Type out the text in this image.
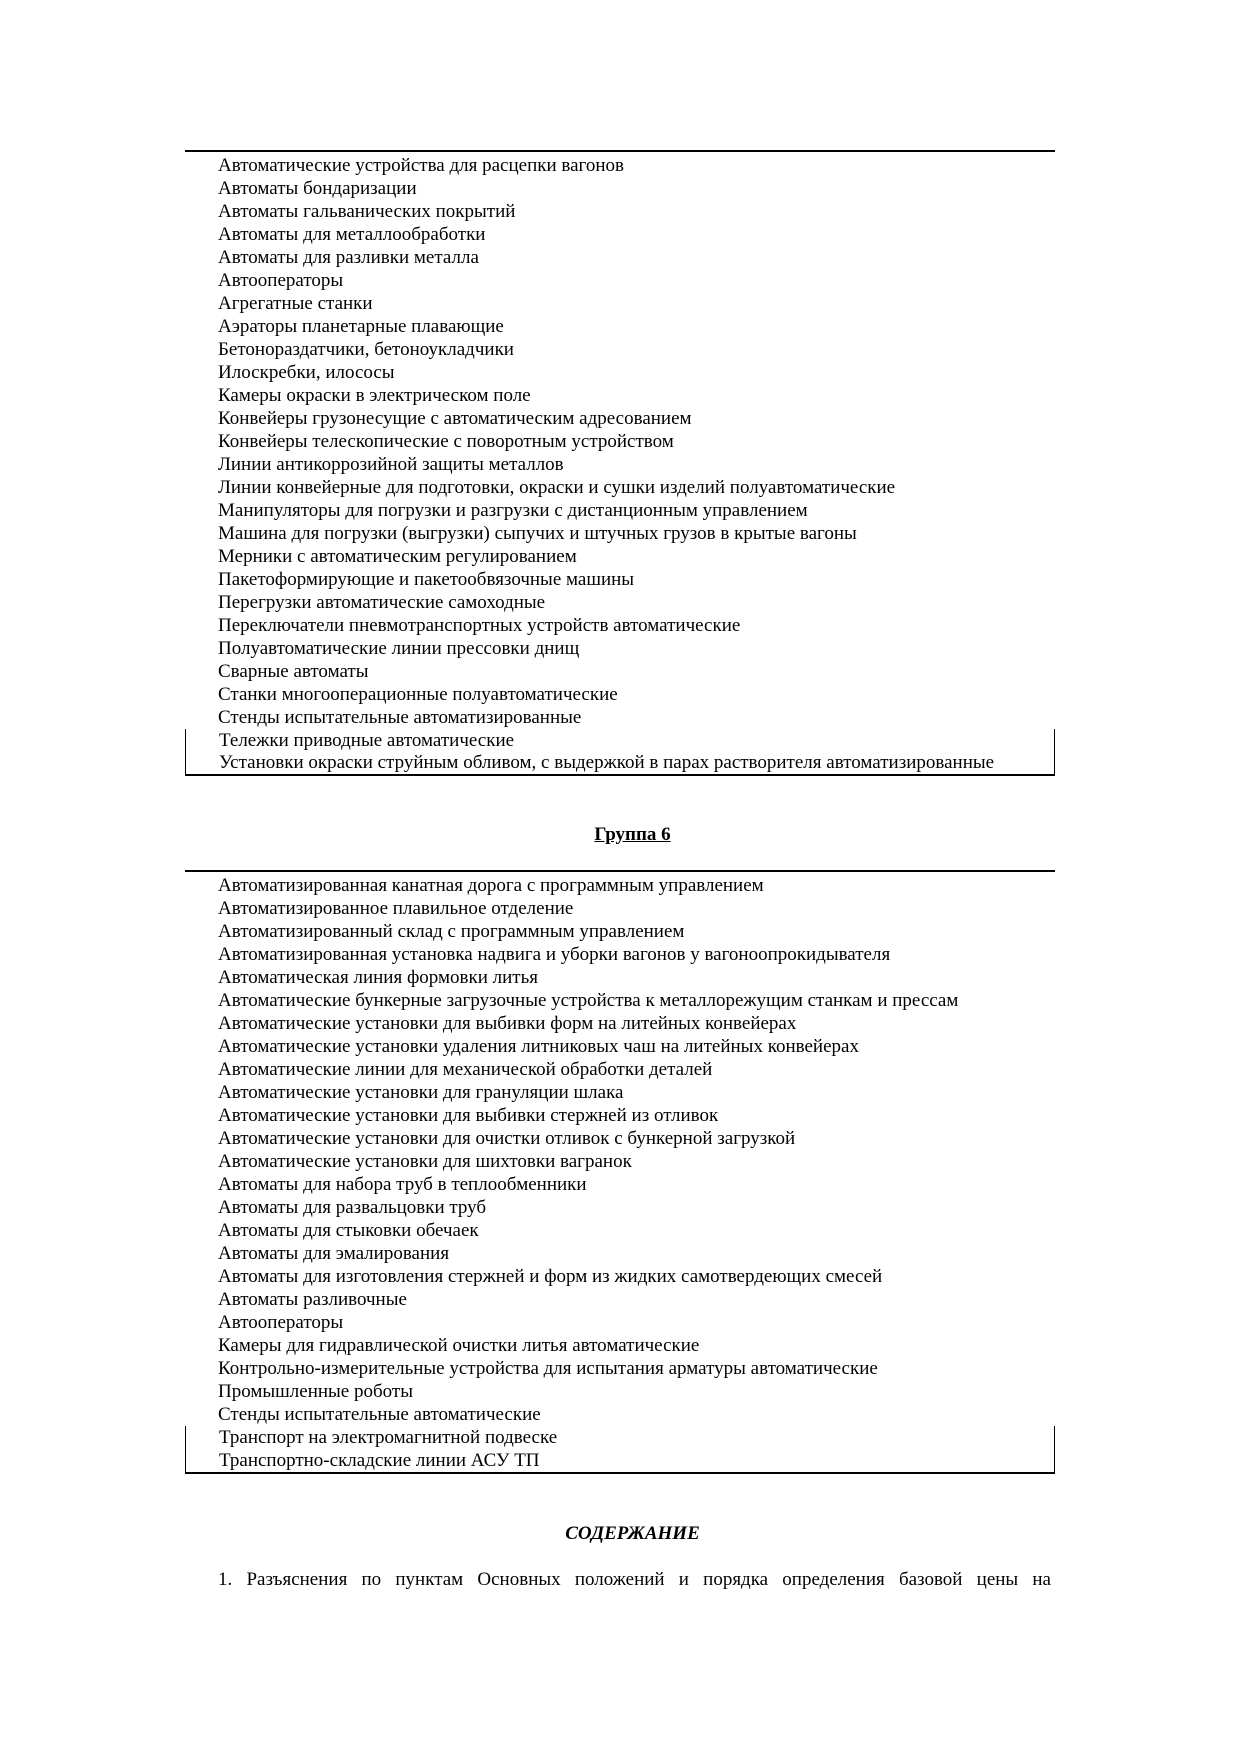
Автоматические устройства для расцепки вагонов
Автоматы бондаризации
Автоматы гальванических покрытий
Автоматы для металлообработки
Автоматы для разливки металла
Автооператоры
Агрегатные станки
Аэраторы планетарные плавающие
Бетонораздатчики, бетоноукладчики
Илоскребки, илососы
Камеры окраски в электрическом поле
Конвейеры грузонесущие с автоматическим адресованием
Конвейеры телескопические с поворотным устройством
Линии антикоррозийной защиты металлов
Линии конвейерные для подготовки, окраски и сушки изделий полуавтоматические
Манипуляторы для погрузки и разгрузки с дистанционным управлением
Машина для погрузки (выгрузки) сыпучих и штучных грузов в крытые вагоны
Мерники с автоматическим регулированием
Пакетоформирующие и пакетообвязочные машины
Перегрузки автоматические самоходные
Переключатели пневмотранспортных устройств автоматические
Полуавтоматические линии прессовки днищ
Сварные автоматы
Станки многооперационные полуавтоматические
Стенды испытательные автоматизированные
Тележки приводные автоматические
Установки окраски струйным обливом, с выдержкой в парах растворителя автоматизированные
Группа 6
Автоматизированная канатная дорога с программным управлением
Автоматизированное плавильное отделение
Автоматизированный склад с программным управлением
Автоматизированная установка надвига и уборки вагонов у вагоноопрокидывателя
Автоматическая линия формовки литья
Автоматические бункерные загрузочные устройства к металлорежущим станкам и прессам
Автоматические установки для выбивки форм на литейных конвейерах
Автоматические установки удаления литниковых чаш на литейных конвейерах
Автоматические линии для механической обработки деталей
Автоматические установки для грануляции шлака
Автоматические установки для выбивки стержней из отливок
Автоматические установки для очистки отливок с бункерной загрузкой
Автоматические установки для шихтовки вагранок
Автоматы для набора труб в теплообменники
Автоматы для развальцовки труб
Автоматы для стыковки обечаек
Автоматы для эмалирования
Автоматы для изготовления стержней и форм из жидких самотвердеющих смесей
Автоматы разливочные
Автооператоры
Камеры для гидравлической очистки литья автоматические
Контрольно-измерительные устройства для испытания арматуры автоматические
Промышленные роботы
Стенды испытательные автоматические
Транспорт на электромагнитной подвеске
Транспортно-складские линии АСУ ТП
СОДЕРЖАНИЕ
1. Разъяснения по пунктам Основных положений и порядка определения базовой цены на
